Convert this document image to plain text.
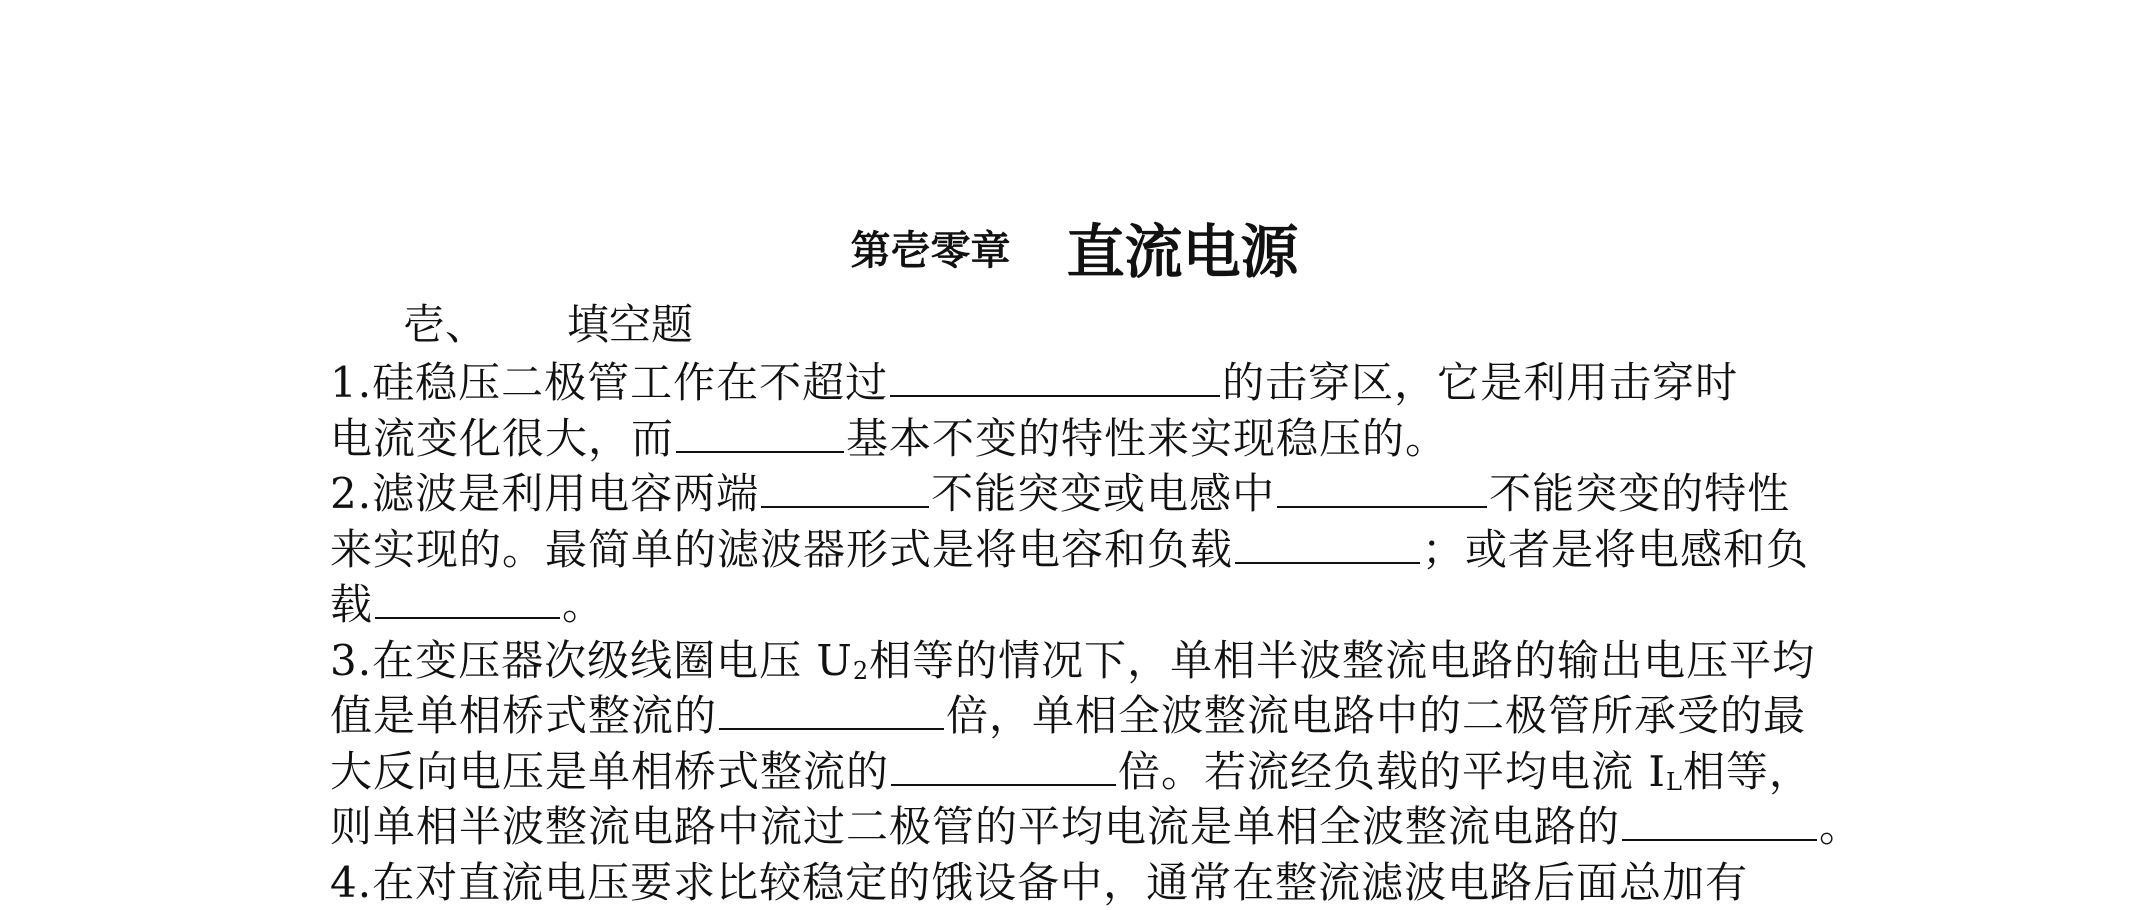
第壱零章 直流电源
壱、 填空题
1.硅稳压二极管工作在不超过	的击穿区，它是利用击穿时
电流变化很大，而	基本不变的特性来实现稳压的。
2.滤波是利用电容两端	不能突变或电感中	不能突变的特性
来实现的。最简单的滤波器形式是将电容和负载	；或者是将电感和负
载	。
3.在变压器次级线圈电压 $U_2$相等的情况下，单相半波整流电路的输出电压平均
值是单相桥式整流的	倍，单相全波整流电路中的二极管所承受的最
大反向电压是单相桥式整流的	倍。若流经负载的平均电流 $I_L$相等，
则单相半波整流电路中流过二极管的平均电流是单相全波整流电路的	。
4.在对直流电压要求比较稳定的饿设备中，通常在整流滤波电路后面总加有
